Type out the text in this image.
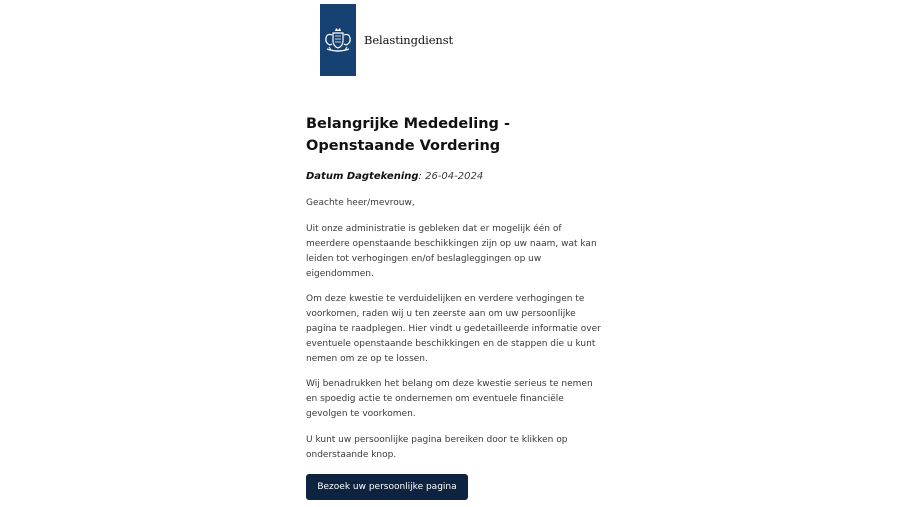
Belastingdienst
Belangrijke Mededeling - Openstaande Vordering
Datum Dagtekening: 26-04-2024

Geachte heer/mevrouw,

Uit onze administratie is gebleken dat er mogelijk één of meerdere openstaande beschikkingen zijn op uw naam, wat kan leiden tot verhogingen en/of beslagleggingen op uw eigendommen.

Om deze kwestie te verduidelijken en verdere verhogingen te voorkomen, raden wij u ten zeerste aan om uw persoonlijke pagina te raadplegen. Hier vindt u gedetailleerde informatie over eventuele openstaande beschikkingen en de stappen die u kunt nemen om ze op te lossen.

Wij benadrukken het belang om deze kwestie serieus te nemen en spoedig actie te ondernemen om eventuele financiële gevolgen te voorkomen.

U kunt uw persoonlijke pagina bereiken door te klikken op onderstaande knop.

Bezoek uw persoonlijke pagina
